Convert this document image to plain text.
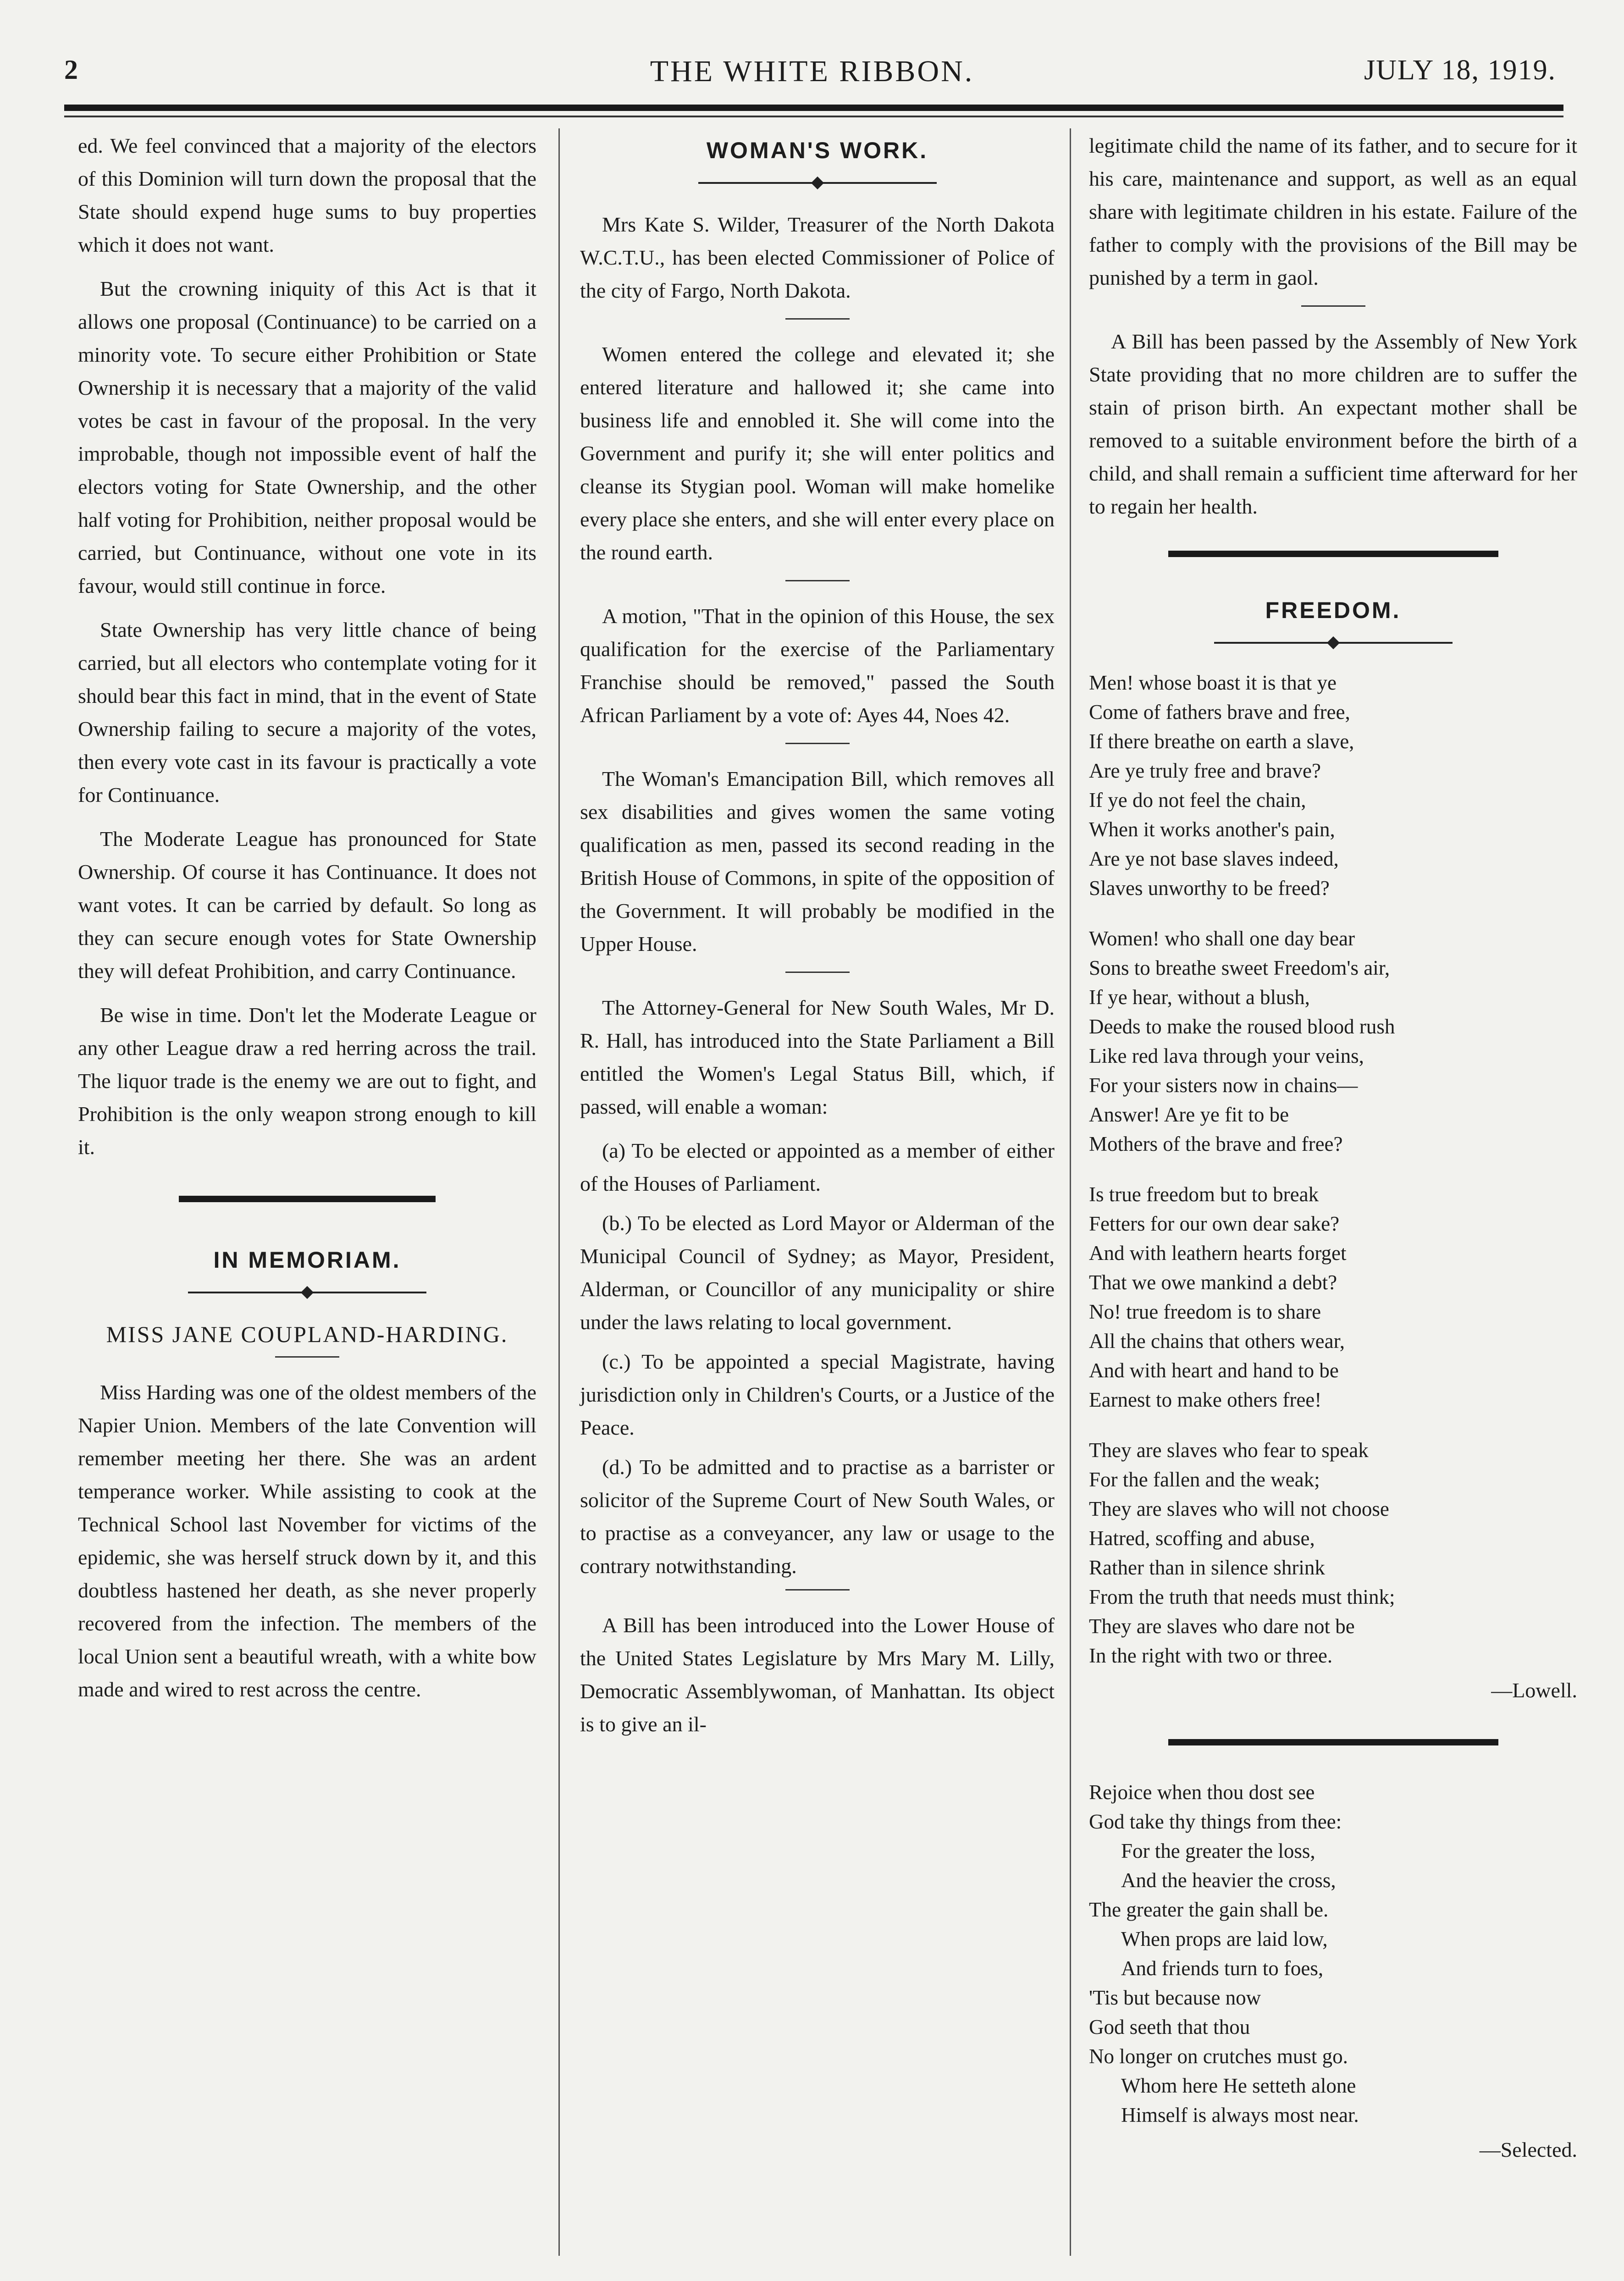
2	THE WHITE RIBBON.	JULY 18, 1919.

ed. We feel convinced that a majority of the electors of this Dominion will turn down the proposal that the State should expend huge sums to buy properties which it does not want.

But the crowning iniquity of this Act is that it allows one proposal (Continuance) to be carried on a minority vote. To secure either Prohibition or State Ownership it is necessary that a majority of the valid votes be cast in favour of the proposal. In the very improbable, though not impossible event of half the electors voting for State Ownership, and the other half voting for Prohibition, neither proposal would be carried, but Continuance, without one vote in its favour, would still continue in force.

State Ownership has very little chance of being carried, but all electors who contemplate voting for it should bear this fact in mind, that in the event of State Ownership failing to secure a majority of the votes, then every vote cast in its favour is practically a vote for Continuance.

The Moderate League has pronounced for State Ownership. Of course it has Continuance. It does not want votes. It can be carried by default. So long as they can secure enough votes for State Ownership they will defeat Prohibition, and carry Continuance.

Be wise in time. Don't let the Moderate League or any other League draw a red herring across the trail. The liquor trade is the enemy we are out to fight, and Prohibition is the only weapon strong enough to kill it.

IN MEMORIAM.
MISS JANE COUPLAND-HARDING.

Miss Harding was one of the oldest members of the Napier Union. Members of the late Convention will remember meeting her there. She was an ardent temperance worker. While assisting to cook at the Technical School last November for victims of the epidemic, she was herself struck down by it, and this doubtless hastened her death, as she never properly recovered from the infection. The members of the local Union sent a beautiful wreath, with a white bow made and wired to rest across the centre.

WOMAN'S WORK.

Mrs Kate S. Wilder, Treasurer of the North Dakota W.C.T.U., has been elected Commissioner of Police of the city of Fargo, North Dakota.

Women entered the college and elevated it; she entered literature and hallowed it; she came into business life and ennobled it. She will come into the Government and purify it; she will enter politics and cleanse its Stygian pool. Woman will make homelike every place she enters, and she will enter every place on the round earth.

A motion, "That in the opinion of this House, the sex qualification for the exercise of the Parliamentary Franchise should be removed," passed the South African Parliament by a vote of: Ayes 44, Noes 42.

The Woman's Emancipation Bill, which removes all sex disabilities and gives women the same voting qualification as men, passed its second reading in the British House of Commons, in spite of the opposition of the Government. It will probably be modified in the Upper House.

The Attorney-General for New South Wales, Mr D. R. Hall, has introduced into the State Parliament a Bill entitled the Women's Legal Status Bill, which, if passed, will enable a woman:

(a) To be elected or appointed as a member of either of the Houses of Parliament.

(b.) To be elected as Lord Mayor or Alderman of the Municipal Council of Sydney; as Mayor, President, Alderman, or Councillor of any municipality or shire under the laws relating to local government.

(c.) To be appointed a special Magistrate, having jurisdiction only in Children's Courts, or a Justice of the Peace.

(d.) To be admitted and to practise as a barrister or solicitor of the Supreme Court of New South Wales, or to practise as a conveyancer, any law or usage to the contrary notwithstanding.

A Bill has been introduced into the Lower House of the United States Legislature by Mrs Mary M. Lilly, Democratic Assemblywoman, of Manhattan. Its object is to give an il-

legitimate child the name of its father, and to secure for it his care, maintenance and support, as well as an equal share with legitimate children in his estate. Failure of the father to comply with the provisions of the Bill may be punished by a term in gaol.

A Bill has been passed by the Assembly of New York State providing that no more children are to suffer the stain of prison birth. An expectant mother shall be removed to a suitable environment before the birth of a child, and shall remain a sufficient time afterward for her to regain her health.

FREEDOM.
Men! whose boast it is that ye
Come of fathers brave and free,
If there breathe on earth a slave,
Are ye truly free and brave?
If ye do not feel the chain,
When it works another's pain,
Are ye not base slaves indeed,
Slaves unworthy to be freed?
Women! who shall one day bear
Sons to breathe sweet Freedom's air,
If ye hear, without a blush,
Deeds to make the roused blood rush
Like red lava through your veins,
For your sisters now in chains—
Answer! Are ye fit to be
Mothers of the brave and free?
Is true freedom but to break
Fetters for our own dear sake?
And with leathern hearts forget
That we owe mankind a debt?
No! true freedom is to share
All the chains that others wear,
And with heart and hand to be
Earnest to make others free!
They are slaves who fear to speak
For the fallen and the weak;
They are slaves who will not choose
Hatred, scoffing and abuse,
Rather than in silence shrink
From the truth that needs must think;
They are slaves who dare not be
In the right with two or three.
—Lowell.
Rejoice when thou dost see
God take thy things from thee:
For the greater the loss,
And the heavier the cross,
The greater the gain shall be.
When props are laid low,
And friends turn to foes,
'Tis but because now
God seeth that thou
No longer on crutches must go.
Whom here He setteth alone
Himself is always most near.
—Selected.
